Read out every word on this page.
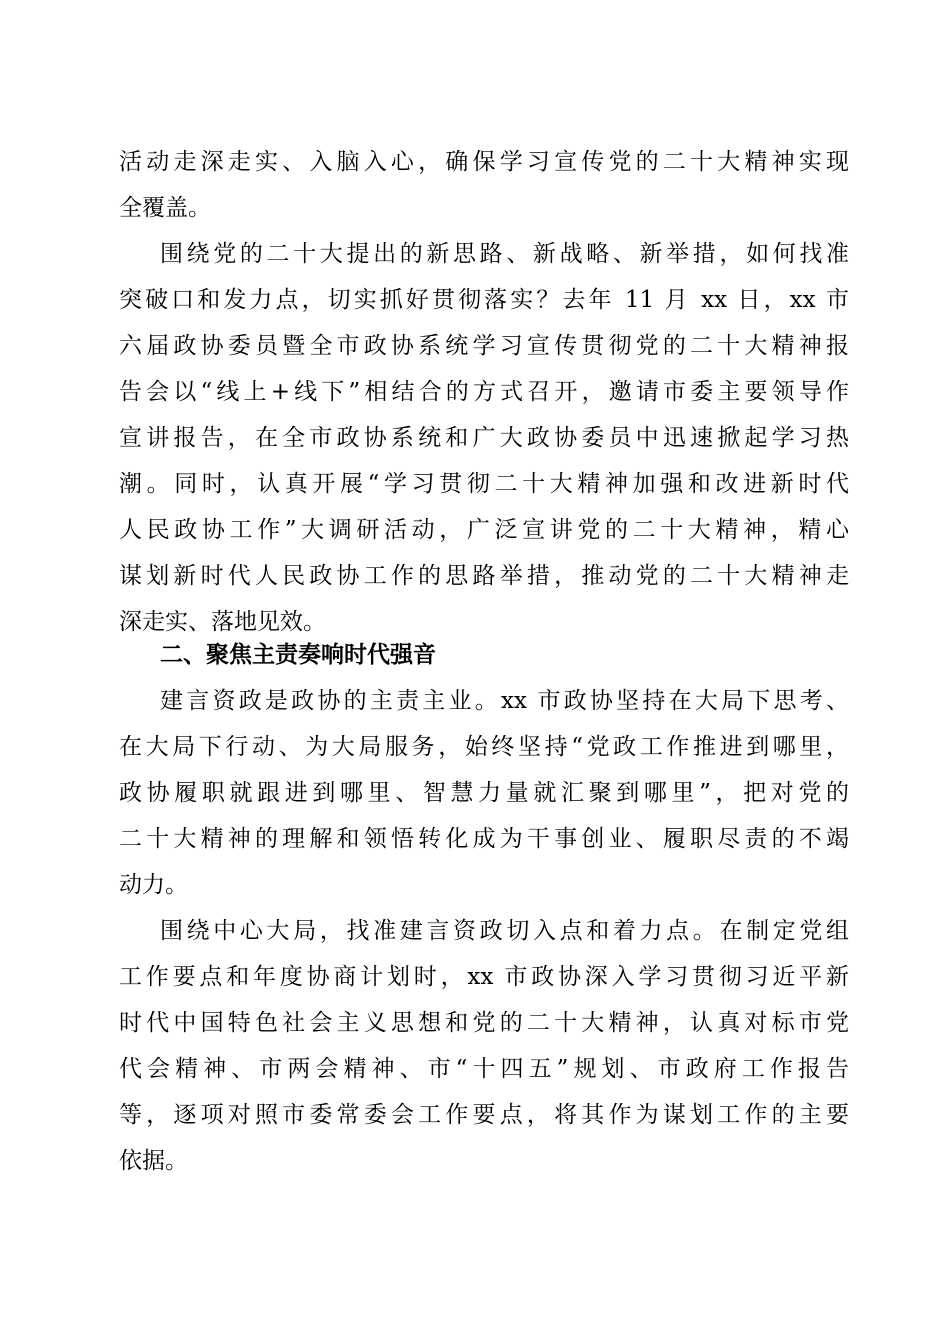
活动走深走实、入脑入心，确保学习宣传党的二十大精神实现
全覆盖。
围绕党的二十大提出的新思路、新战略、新举措，如何找准
突破口和发力点，切实抓好贯彻落实？去年 11 月 xx 日，xx 市
六届政协委员暨全市政协系统学习宣传贯彻党的二十大精神报
告会以“线上+线下”相结合的方式召开，邀请市委主要领导作
宣讲报告，在全市政协系统和广大政协委员中迅速掀起学习热
潮。同时，认真开展“学习贯彻二十大精神加强和改进新时代
人民政协工作”大调研活动，广泛宣讲党的二十大精神，精心
谋划新时代人民政协工作的思路举措，推动党的二十大精神走
深走实、落地见效。
二、聚焦主责奏响时代强音
建言资政是政协的主责主业。xx 市政协坚持在大局下思考、
在大局下行动、为大局服务，始终坚持“党政工作推进到哪里，
政协履职就跟进到哪里、智慧力量就汇聚到哪里”，把对党的
二十大精神的理解和领悟转化成为干事创业、履职尽责的不竭
动力。
围绕中心大局，找准建言资政切入点和着力点。在制定党组
工作要点和年度协商计划时，xx 市政协深入学习贯彻习近平新
时代中国特色社会主义思想和党的二十大精神，认真对标市党
代会精神、市两会精神、市“十四五”规划、市政府工作报告
等，逐项对照市委常委会工作要点，将其作为谋划工作的主要
依据。
